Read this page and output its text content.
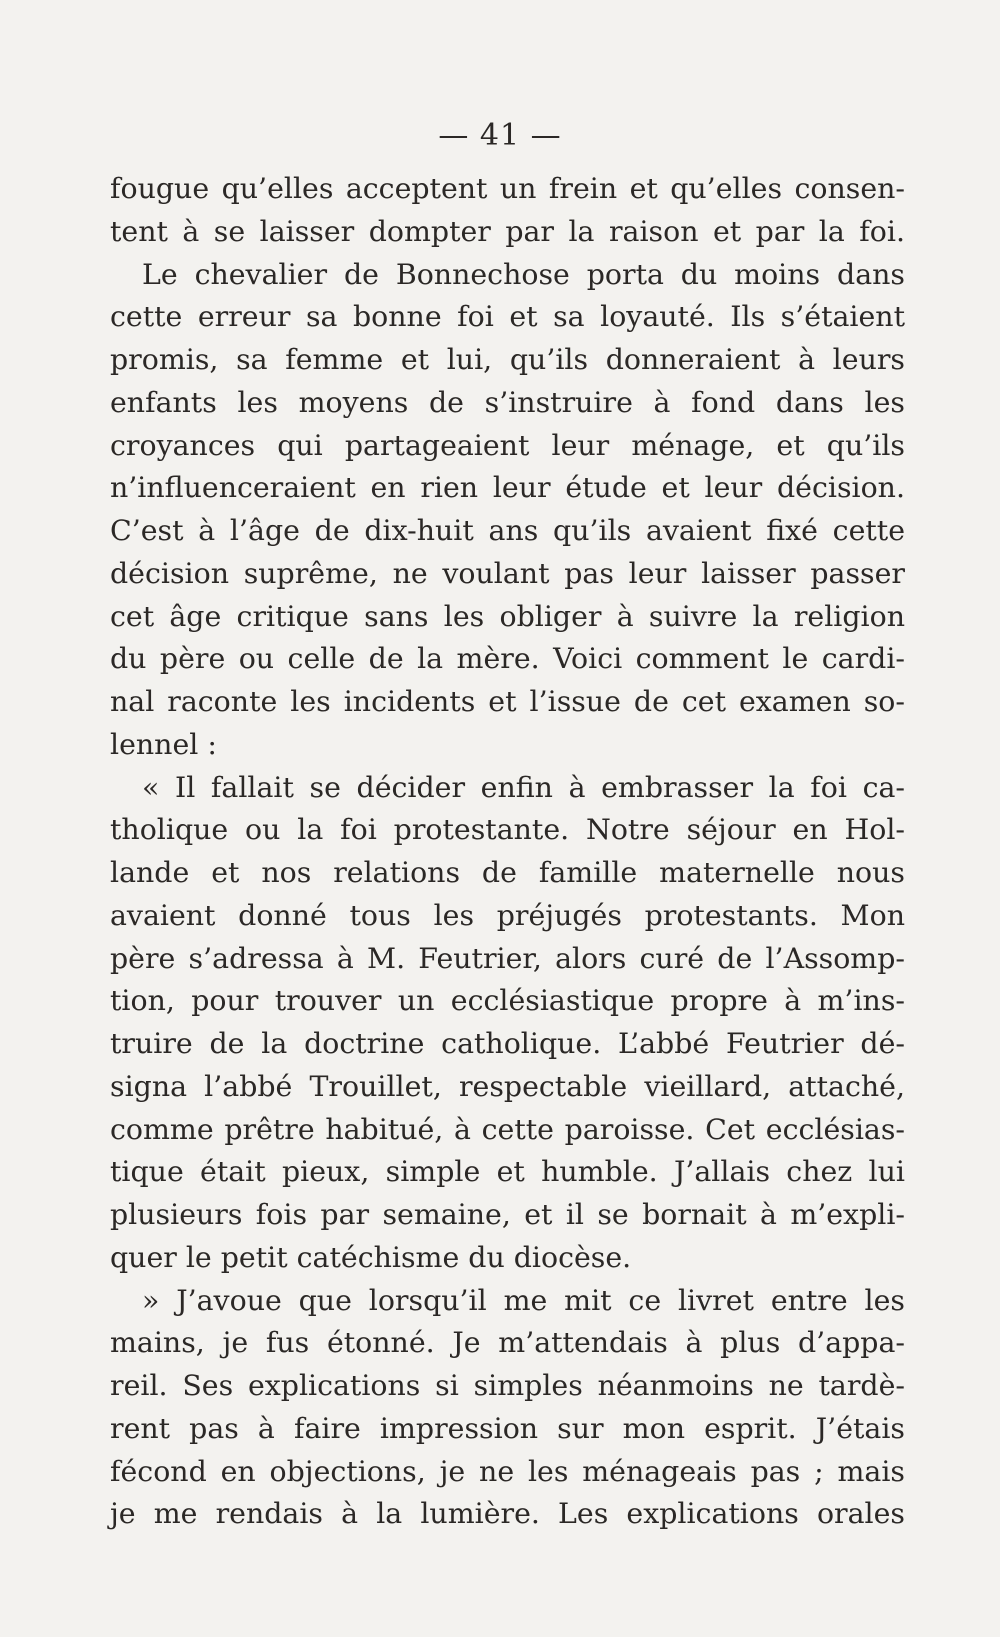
— 41 —
fougue qu’elles acceptent un frein et qu’elles consen-
tent à se laisser dompter par la raison et par la foi.
Le chevalier de Bonnechose porta du moins dans
cette erreur sa bonne foi et sa loyauté. Ils s’étaient
promis, sa femme et lui, qu’ils donneraient à leurs
enfants les moyens de s’instruire à fond dans les
croyances qui partageaient leur ménage, et qu’ils
n’influenceraient en rien leur étude et leur décision.
C’est à l’âge de dix-huit ans qu’ils avaient fixé cette
décision suprême, ne voulant pas leur laisser passer
cet âge critique sans les obliger à suivre la religion
du père ou celle de la mère. Voici comment le cardi-
nal raconte les incidents et l’issue de cet examen so-
lennel :
« Il fallait se décider enfin à embrasser la foi ca-
tholique ou la foi protestante. Notre séjour en Hol-
lande et nos relations de famille maternelle nous
avaient donné tous les préjugés protestants. Mon
père s’adressa à M. Feutrier, alors curé de l’Assomp-
tion, pour trouver un ecclésiastique propre à m’ins-
truire de la doctrine catholique. L’abbé Feutrier dé-
signa l’abbé Trouillet, respectable vieillard, attaché,
comme prêtre habitué, à cette paroisse. Cet ecclésias-
tique était pieux, simple et humble. J’allais chez lui
plusieurs fois par semaine, et il se bornait à m’expli-
quer le petit catéchisme du diocèse.
» J’avoue que lorsqu’il me mit ce livret entre les
mains, je fus étonné. Je m’attendais à plus d’appa-
reil. Ses explications si simples néanmoins ne tardè-
rent pas à faire impression sur mon esprit. J’étais
fécond en objections, je ne les ménageais pas ; mais
je me rendais à la lumière. Les explications orales
